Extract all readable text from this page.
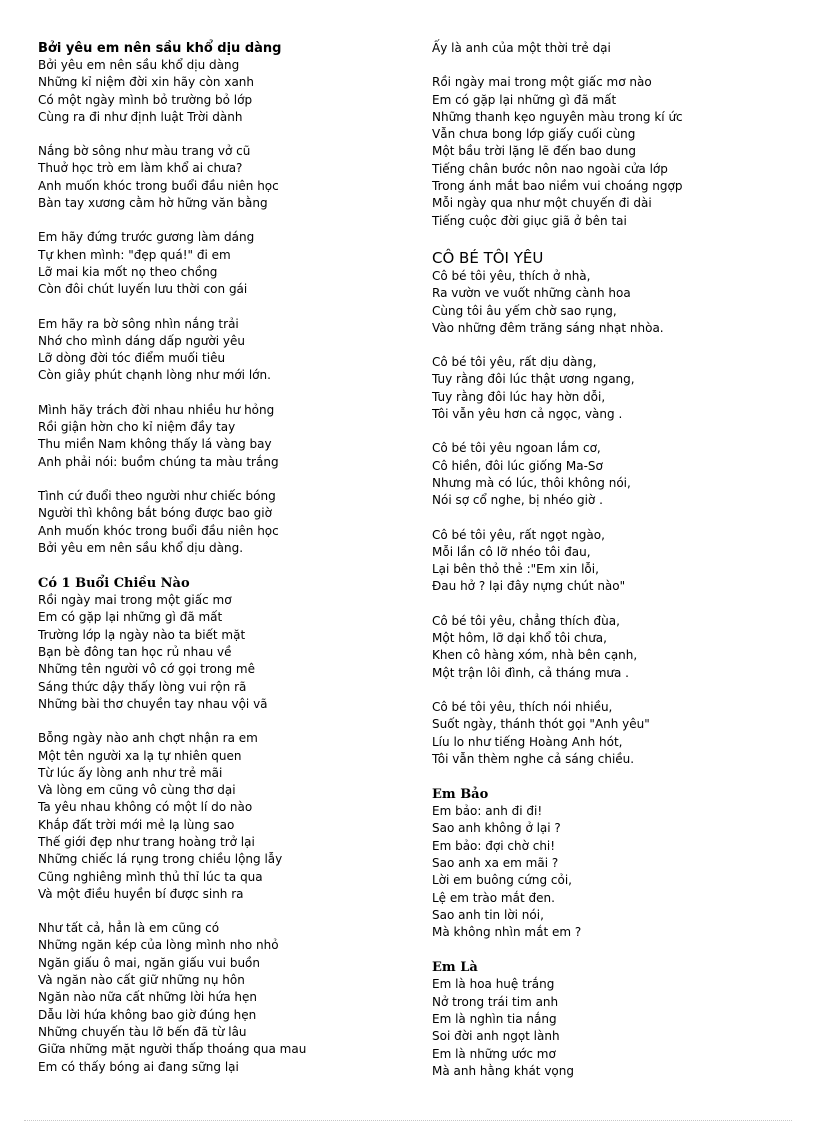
Bởi yêu em nên sầu khổ dịu dàng

Bởi yêu em nên sầu khổ dịu dàng
Những kỉ niệm đời xin hãy còn xanh
Có một ngày mình bỏ trường bỏ lớp
Cùng ra đi như định luật Trời dành
Nắng bờ sông như màu trang vở cũ
Thuở học trò em làm khổ ai chưa?
Anh muốn khóc trong buổi đầu niên học
Bàn tay xương cằm hờ hững văn bằng
Em hãy đứng trước gương làm dáng
Tự khen mình: "đẹp quá!" đi em
Lỡ mai kia mốt nọ theo chồng
Còn đôi chút luyến lưu thời con gái
Em hãy ra bờ sông nhìn nắng trải
Nhớ cho mình dáng dấp người yêu
Lỡ dòng đời tóc điểm muối tiêu
Còn giây phút chạnh lòng như mới lớn.
Mình hãy trách đời nhau nhiều hư hỏng
Rồi giận hờn cho kỉ niệm đầy tay
Thu miền Nam không thấy lá vàng bay
Anh phải nói: buồm chúng ta màu trắng
Tình cứ đuổi theo người như chiếc bóng
Người thì không bắt bóng được bao giờ
Anh muốn khóc trong buổi đầu niên học
Bởi yêu em nên sầu khổ dịu dàng.

Có 1 Buổi Chiều Nào

Rồi ngày mai trong một giấc mơ
Em có gặp lại những gì đã mất
Trường lớp lạ ngày nào ta biết mặt
Bạn bè đông tan học rủ nhau về
Những tên người vô cớ gọi trong mê
Sáng thức dậy thấy lòng vui rộn rã
Những bài thơ chuyền tay nhau vội vã
Bỗng ngày nào anh chợt nhận ra em
Một tên người xa lạ tự nhiên quen
Từ lúc ấy lòng anh như trẻ mãi
Và lòng em cũng vô cùng thơ dại
Ta yêu nhau không có một lí do nào
Khắp đất trời mới mẻ lạ lùng sao
Thế giới đẹp như trang hoàng trở lại
Những chiếc lá rụng trong chiều lộng lẫy
Cũng nghiêng mình thủ thỉ lúc ta qua
Và một điều huyền bí được sinh ra
Như tất cả, hẳn là em cũng có
Những ngăn kép của lòng mình nho nhỏ
Ngăn giấu ô mai, ngăn giấu vui buồn
Và ngăn nào cất giữ những nụ hôn
Ngăn nào nữa cất những lời hứa hẹn
Dẫu lời hứa không bao giờ đúng hẹn
Những chuyến tàu lỡ bến đã từ lâu
Giữa những mặt người thấp thoáng qua mau
Em có thấy bóng ai đang sững lại
Ấy là anh của một thời trẻ dại
Rồi ngày mai trong một giấc mơ nào
Em có gặp lại những gì đã mất
Những thanh kẹo nguyên màu trong kí ức
Vẫn chưa bong lớp giấy cuối cùng
Một bầu trời lặng lẽ đến bao dung
Tiếng chân bước nôn nao ngoài cửa lớp
Trong ánh mắt bao niềm vui choáng ngợp
Mỗi ngày qua như một chuyến đi dài
Tiếng cuộc đời giục giã ở bên tai

CÔ BÉ TÔI YÊU

Cô bé tôi yêu, thích ở nhà,
Ra vườn ve vuốt những cành hoa
Cùng tôi âu yếm chờ sao rụng,
Vào những đêm trăng sáng nhạt nhòa.
Cô bé tôi yêu, rất dịu dàng,
Tuy rằng đôi lúc thật ương ngang,
Tuy rằng đôi lúc hay hờn dỗi,
Tôi vẫn yêu hơn cả ngọc, vàng .
Cô bé tôi yêu ngoan lắm cơ,
Cô hiền, đôi lúc giống Ma-Sơ
Nhưng mà có lúc, thôi không nói,
Nói sợ cổ nghe, bị nhéo giờ .
Cô bé tôi yêu, rất ngọt ngào,
Mỗi lần cô lỡ nhéo tôi đau,
Lại bên thỏ thẻ :"Em xin lỗi,
Đau hở ? lại đây nựng chút nào"
Cô bé tôi yêu, chẳng thích đùa,
Một hôm, lỡ dại khổ tôi chưa,
Khen cô hàng xóm, nhà bên cạnh,
Một trận lôi đình, cả tháng mưa .
Cô bé tôi yêu, thích nói nhiều,
Suốt ngày, thánh thót gọi "Anh yêu"
Líu lo như tiếng Hoàng Anh hót,
Tôi vẫn thèm nghe cả sáng chiều.

Em Bảo

Em bảo: anh đi đi!
Sao anh không ở lại ?
Em bảo: đợi chờ chi!
Sao anh xa em mãi ?
Lời em buông cứng cỏi,
Lệ em trào mắt đen.
Sao anh tin lời nói,
Mà không nhìn mắt em ?

Em Là

Em là hoa huệ trắng
Nở trong trái tim anh
Em là nghìn tia nắng
Soi đời anh ngọt lành
Em là những ước mơ
Mà anh hằng khát vọng
